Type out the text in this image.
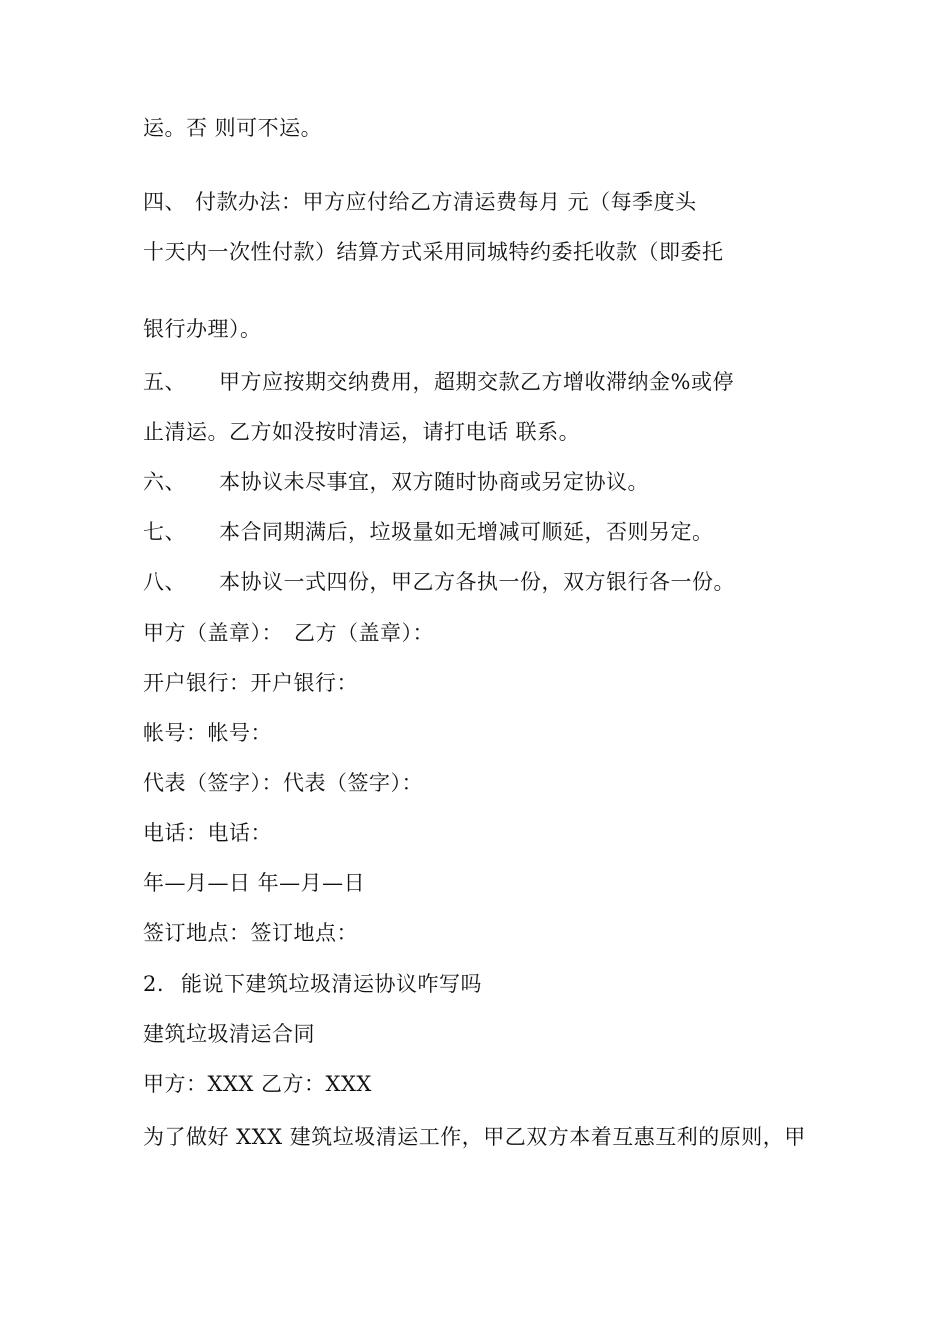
运。否 则可不运。
四、 付款办法：甲方应付给乙方清运费每月 元（每季度头
十天内一次性付款）结算方式采用同城特约委托收款（即委托
银行办理）。
五、 甲方应按期交纳费用，超期交款乙方增收滞纳金%或停
止清运。乙方如没按时清运，请打电话 联系。
六、 本协议未尽事宜，双方随时协商或另定协议。
七、 本合同期满后，垃圾量如无增减可顺延，否则另定。
八、 本协议一式四份，甲乙方各执一份，双方银行各一份。
甲方（盖章）：　乙方（盖章）：
开户银行：开户银行：
帐号：帐号：
代表（签字）：代表（签字）：
电话：电话：
年—月—日 年—月—日
签订地点：签订地点：
2. 能说下建筑垃圾清运协议咋写吗
建筑垃圾清运合同
甲方：XXX 乙方：XXX
为了做好 XXX 建筑垃圾清运工作，甲乙双方本着互惠互利的原则，甲
